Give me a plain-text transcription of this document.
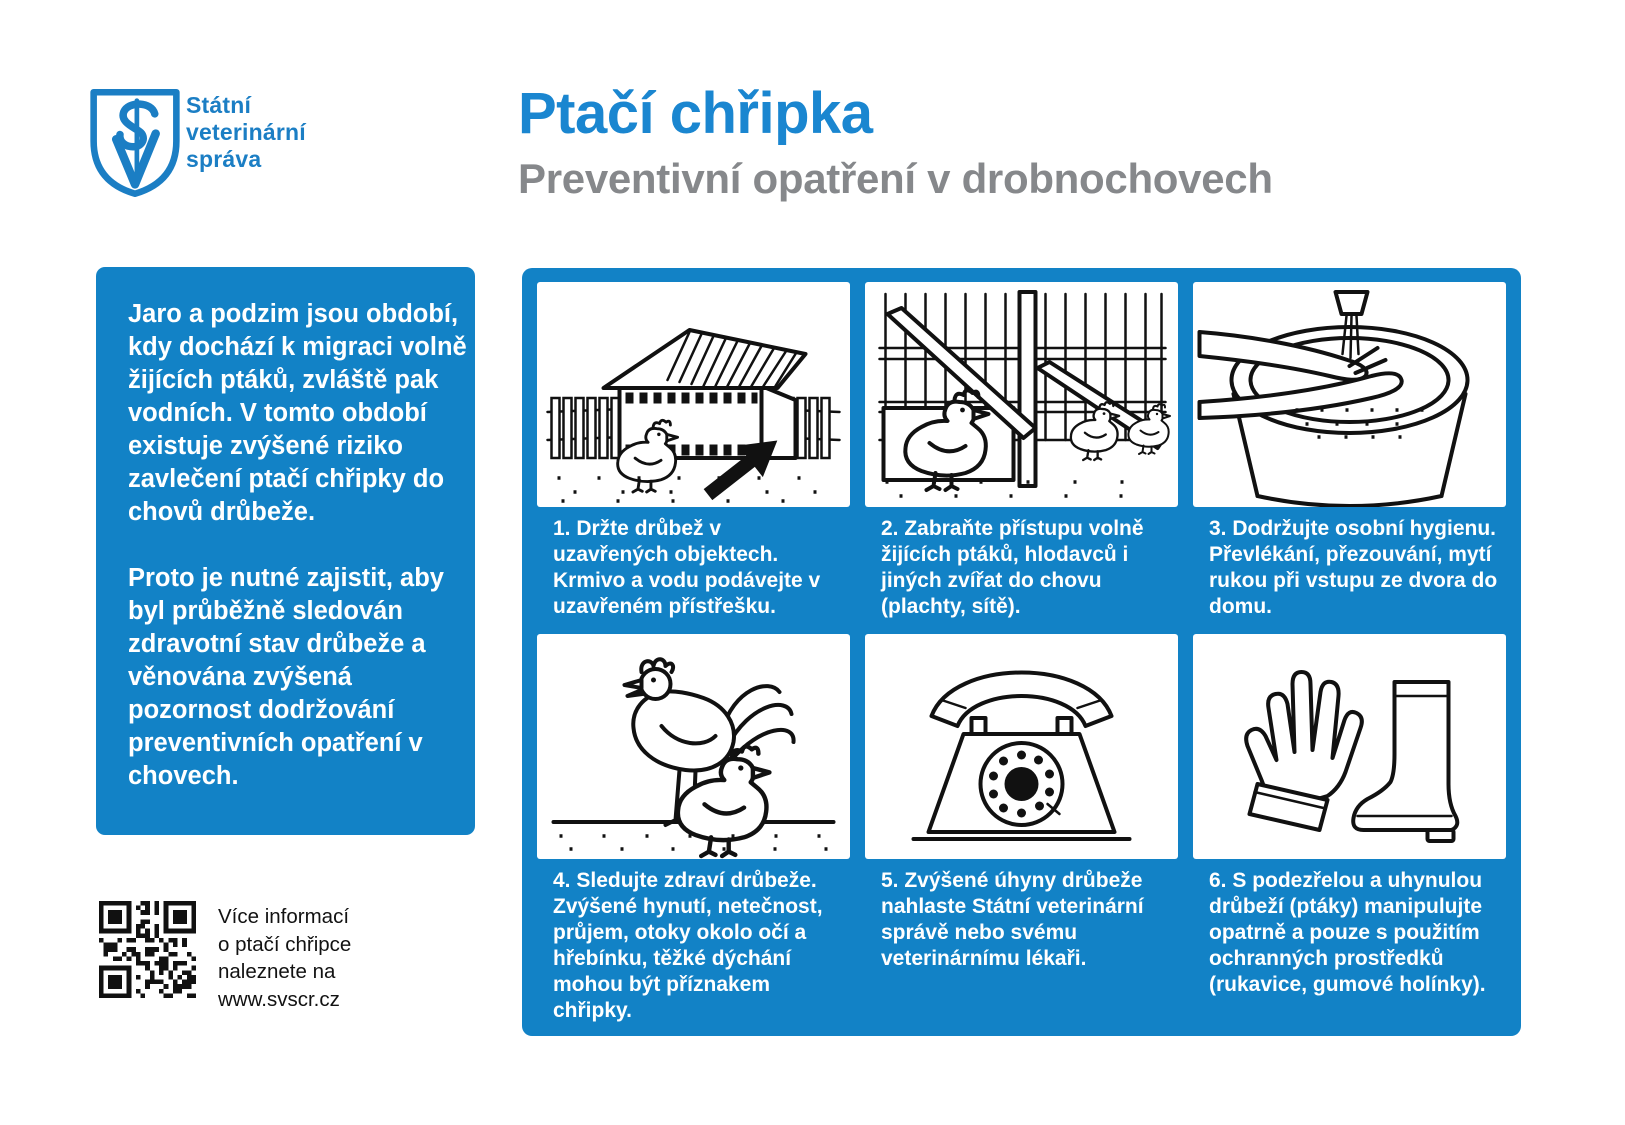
Státní
veterinární
správa
Ptačí chřipka
Preventivní opatření v drobnochovech

Jaro a podzim jsou období, kdy dochází k migraci volně žijících ptáků, zvláště pak vodních. V tomto období existuje zvýšené riziko zavlečení ptačí chřipky do chovů drůbeže.

Proto je nutné zajistit, aby byl průběžně sledován zdravotní stav drůbeže a věnována zvýšená pozornost dodržování preventivních opatření v chovech.

Více informací
o ptačí chřipce
naleznete na
www.svscr.cz

1. Držte drůbež v uzavřených objektech. Krmivo a vodu podávejte v uzavřeném přístřešku.

2. Zabraňte přístupu volně žijících ptáků, hlodavců i jiných zvířat do chovu (plachty, sítě).

3. Dodržujte osobní hygienu. Převlékání, přezouvání, mytí rukou při vstupu ze dvora do domu.

4. Sledujte zdraví drůbeže. Zvýšené hynutí, netečnost, průjem, otoky okolo očí a hřebínku, těžké dýchání mohou být příznakem chřipky.

5. Zvýšené úhyny drůbeže nahlaste Státní veterinární správě nebo svému veterinárnímu lékaři.

6. S podezřelou a uhynulou drůbeží (ptáky) manipulujte opatrně a pouze s použitím ochranných prostředků (rukavice, gumové holínky).
